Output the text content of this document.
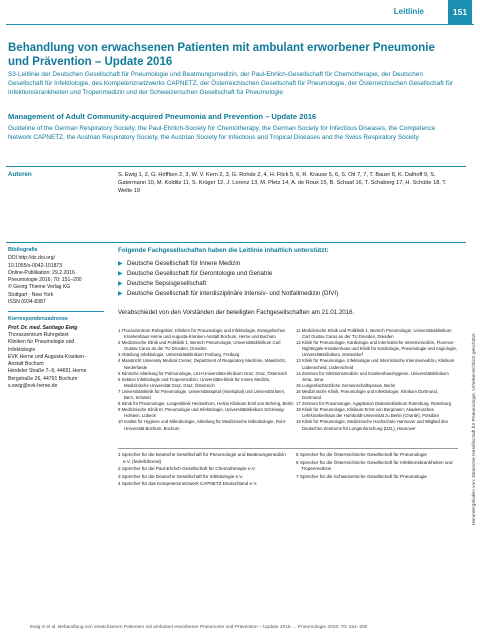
Leitlinie	151
Behandlung von erwachsenen Patienten mit ambulant erworbener Pneumonie und Prävention – Update 2016

S3-Leitlinie der Deutschen Gesellschaft für Pneumologie und Beatmungsmedizin, der Paul-Ehrlich-Gesellschaft für Chemotherapie, der Deutschen Gesellschaft für Infektiologie, des Kompetenznetzwerks CAPNETZ, der Österreichischen Gesellschaft für Pneumologie, der Österreichischen Gesellschaft für Infektionskrankheiten und Tropenmedizin und der Schweizerischen Gesellschaft für Pneumologie

Management of Adult Community-acquired Pneumonia and Prevention – Update 2016

Guideline of the German Respiratory Society, the Paul-Ehrlich-Society for Chemotherapy, the German Society for Infectious Diseases, the Competence Network CAPNETZ, the Austrian Respiratory Society, the Austrian Society for Infectious and Tropical Diseases and the Swiss Respiratory Society

Autoren	S. Ewig 1, 2, G. Höffken 2, 3, W. V. Kern 2, 3, G. Rohde 2, 4, H. Flick 5, 6, R. Krause 5, 6, S. Ott 7, 7, T. Bauer 8, K. Dalhoff 9, S. Gatermann 10, M. Kolditz 11, S. Krüger 12, J. Lorenz 13, M. Pletz 14, A. de Roux 15, B. Schaaf 16, T. Schaberg 17, H. Schütte 18, T. Welte 19

Bibliografie
DOI http://dx.doi.org/
10.1055/s-0042-101873
Online-Publikation: 29.2.2016
Pneumologie 2016; 70: 151–200
© Georg Thieme Verlag KG
Stuttgart · New York
ISSN 0934-8387
Korrespondenzadresse
Prof. Dr. med. Santiago Ewig
Thoraxzentrum Ruhrgebiet
Kliniken für Pneumologie und
Infektiologie
EVK Herne und Augusta-Kranken-
Anstalt Bochum
Hordeler Straße 7–9, 44651 Herne
Bergstraße 26, 44791 Bochum
s.ewig@evk-herne.de
Folgende Fachgesellschaften haben die Leitlinie inhaltlich unterstützt:
▶ Deutsche Gesellschaft für Innere Medizin
▶ Deutsche Gesellschaft für Gerontologie und Geriatrie
▶ Deutsche Sepsisgesellschaft
▶ Deutsche Gesellschaft für interdisziplinäre Intensiv- und Notfallmedizin (DIVI)

Verabschiedet von den Vorständen der beteiligten Fachgesellschaften am 21.01.2016.

1 Thoraxzentrum Ruhrgebiet, Kliniken für Pneumologie und Infektiologie, Evangelisches Krankenhaus Herne und Augusta-Kranken-Anstalt Bochum, Herne und Bochum
2 Medizinische Klinik und Poliklinik 1, Bereich Pneumologie, Universitätsklinikum Carl Gustav Carus an der TU Dresden, Dresden
3 Abteilung Infektiologie, Universitätsklinikum Freiburg, Freiburg
4 Maastricht University Medical Center, Department of Respiratory Medicine, Maastricht, Niederlande
5 Klinische Abteilung für Pulmonologie, LKH-Universitäts-klinikum Graz, Graz, Österreich
6 Sektion Infektiologie und Tropenmedizin, Universitäts-klinik für Innere Medizin, Medizinische Universität Graz, Graz, Österreich
7 Universitätsklinik für Pneumologie, Universitätsspital (Inselspital) und Universität Bern, Bern, Schweiz
8 Klinik für Pneumologie, Lungenklinik Heckeshorn, Helios Klinikum Emil von Behring, Berlin
9 Medizinische Klinik III, Pneumologie und Infektiologie, Universitätsklinikum Schleswig-Holstein, Lübeck
10 Institut für Hygiene und Mikrobiologie, Abteilung für Medizinische Mikrobiologie, Ruhr-Universität Bochum, Bochum
11 Medizinische Klinik und Poliklinik 1, Bereich Pneumologie, Universitätsklinikum Carl Gustav Carus an der TU Dresden, Dresden
12 Klinik für Pneumologie, Kardiologie und Internistische Intensivmedizin, Florence-Nightingale-Krankenhaus und Klinik für Kardiologie, Pneumologie und Angiologie, Universitätsklinikum, Düsseldorf
13 Klinik für Pneumologie, Infektiologie und Internistische Intensivmedizin, Klinikum Lüdenscheid, Lüdenscheid
14 Zentrum für Infektionsmedizin und Krankenhaushygiene, Universitätsklinikum Jena, Jena
15 Lungenfachärztliche Gemeinschaftspraxis, Berlin
16 Medizinische Klinik, Pneumologie und Infektiologie, Klinikum Dortmund, Dortmund
17 Zentrum für Pneumologie, Agaplesion Diakonieklinikum Rotenburg, Rotenburg
18 Klinik für Pneumologie, Klinikum Ernst von Bergmann; Akademisches Lehrkrankenhaus der Humboldt-Universität zu Berlin (Charité), Potsdam
19 Klinik für Pneumologie, Medizinische Hochschule Hannover und Mitglied des Deutschen Zentrums für Lungenforschung (DZL), Hannover
1 Sprecher für die Deutsche Gesellschaft für Pneumologie und Beatmungsmedizin e.V. (federführend)
2 Sprecher für die Paul-Ehrlich-Gesellschaft für Chemotherapie e.V.
3 Sprecher für die Deutsche Gesellschaft für Infektiologie e.V.
4 Sprecher für das Kompetenznetzwerk CAPNETZ Deutschland e.V.
5 Sprecher für die Österreichische Gesellschaft für Pneumologie
6 Sprecher für die Österreichische Gesellschaft für Infektionskrankheiten und Tropenmedizin
7 Sprecher für die Schweizerische Gesellschaft für Pneumologie
Ewig S et al. Behandlung von erwachsenen Patienten mit ambulant erworbener Pneumonie und Prävention – Update 2016 … Pneumologie 2016; 70: 151–200
Heruntergeladen von: Deutsche Gesellschaft für Pneumologie. Urheberrechtlich geschützt.
